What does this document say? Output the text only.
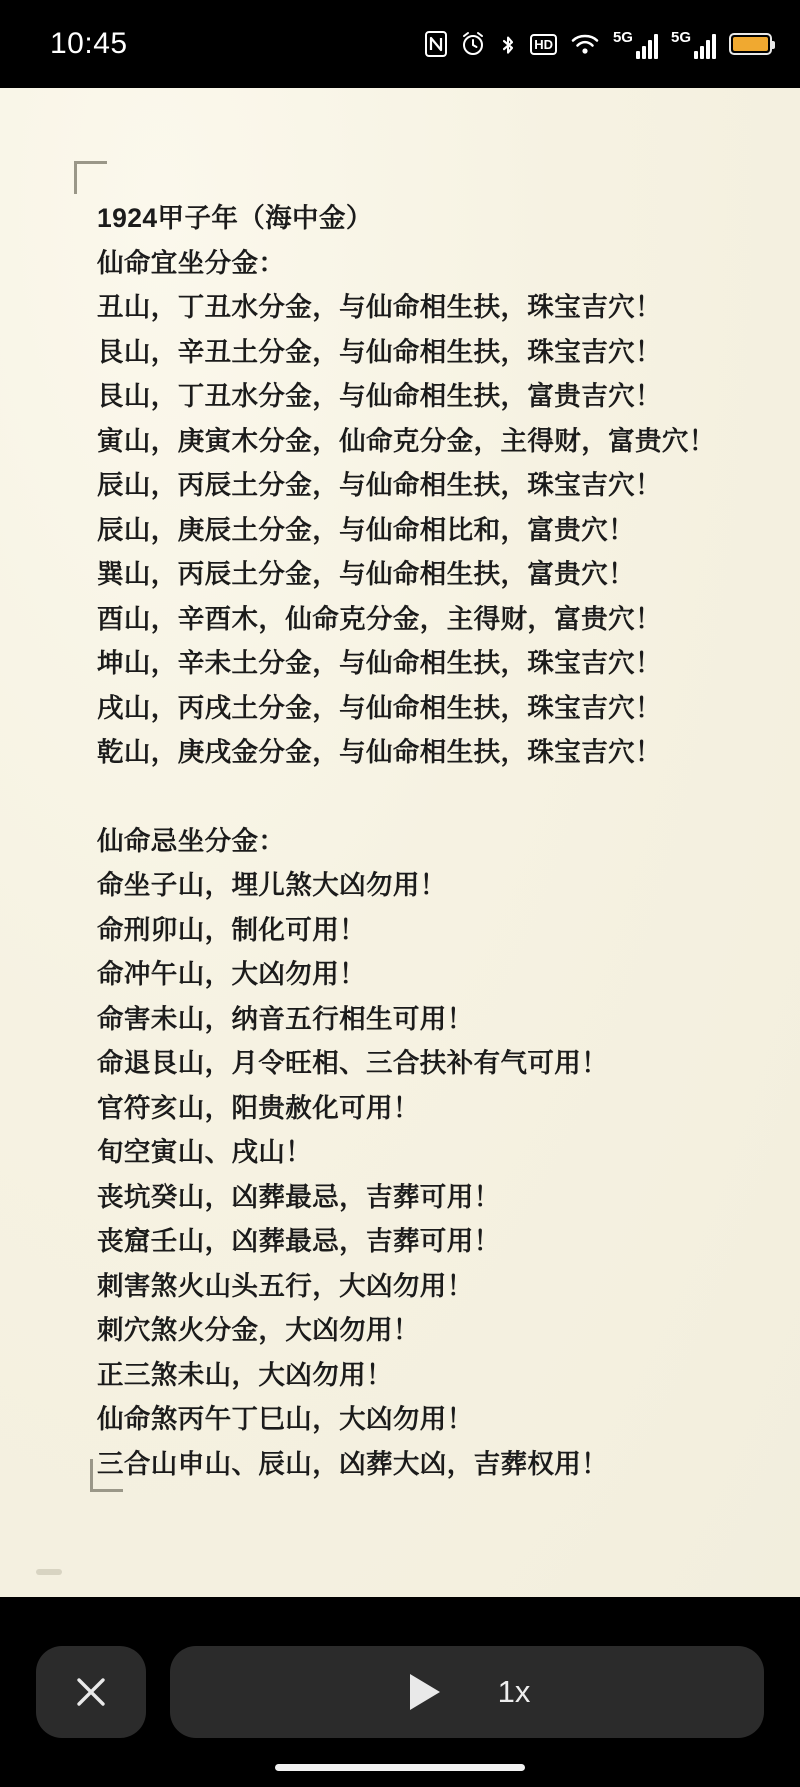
10:45	HD	5G	5G
1924甲子年（海中金）
仙命宜坐分金：
丑山，丁丑水分金，与仙命相生扶，珠宝吉穴！
艮山，辛丑土分金，与仙命相生扶，珠宝吉穴！
艮山，丁丑水分金，与仙命相生扶，富贵吉穴！
寅山，庚寅木分金，仙命克分金，主得财，富贵穴！
辰山，丙辰土分金，与仙命相生扶，珠宝吉穴！
辰山，庚辰土分金，与仙命相比和，富贵穴！
巽山，丙辰土分金，与仙命相生扶，富贵穴！
酉山，辛酉木，仙命克分金，主得财，富贵穴！
坤山，辛未土分金，与仙命相生扶，珠宝吉穴！
戌山，丙戌土分金，与仙命相生扶，珠宝吉穴！
乾山，庚戌金分金，与仙命相生扶，珠宝吉穴！
仙命忌坐分金：
命坐子山，埋儿煞大凶勿用！
命刑卯山，制化可用！
命冲午山，大凶勿用！
命害未山，纳音五行相生可用！
命退艮山，月令旺相、三合扶补有气可用！
官符亥山，阳贵赦化可用！
旬空寅山、戌山！
丧坑癸山，凶葬最忌，吉葬可用！
丧窟壬山，凶葬最忌，吉葬可用！
刺害煞火山头五行，大凶勿用！
刺穴煞火分金，大凶勿用！
正三煞未山，大凶勿用！
仙命煞丙午丁巳山，大凶勿用！
三合山申山、辰山，凶葬大凶，吉葬权用！
1x
